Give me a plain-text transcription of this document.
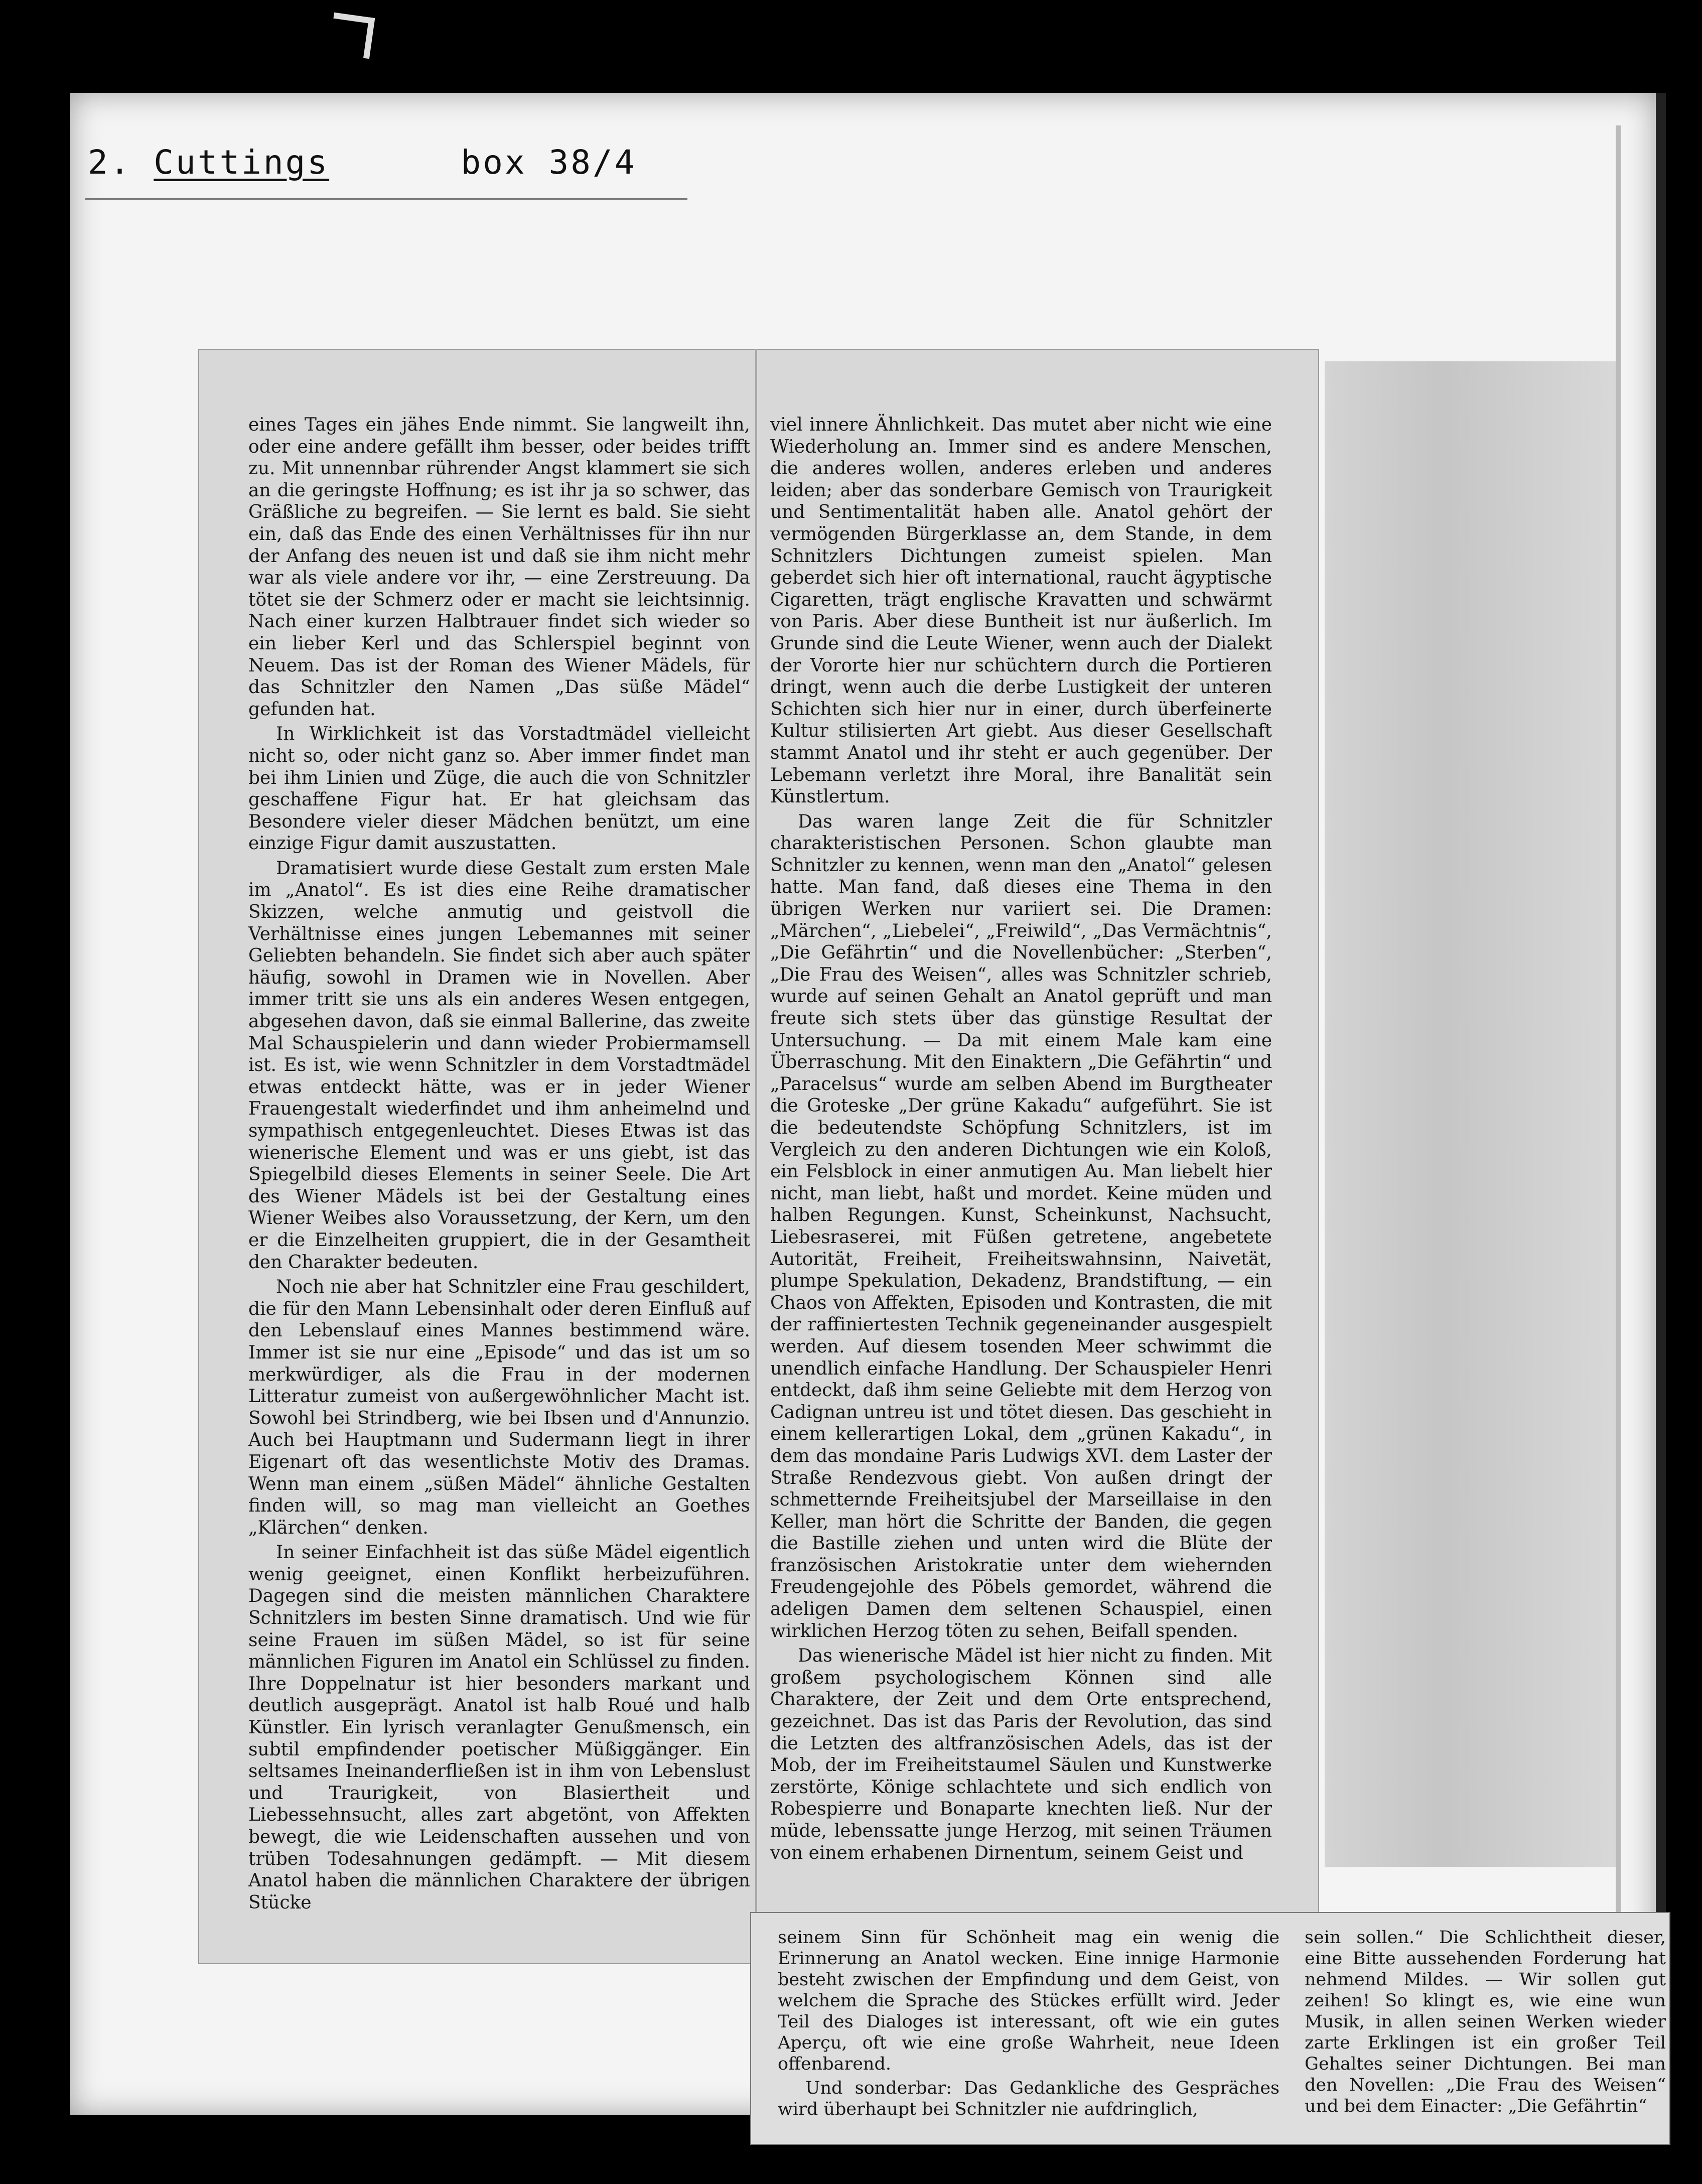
2. Cuttings	box 38/4

eines Tages ein jähes Ende nimmt. Sie langweilt ihn, oder eine andere gefällt ihm besser, oder beides trifft zu. Mit unnennbar rührender Angst klammert sie sich an die geringste Hoffnung; es ist ihr ja so schwer, das Gräßliche zu begreifen. — Sie lernt es bald. Sie sieht ein, daß das Ende des einen Verhältnisses für ihn nur der Anfang des neuen ist und daß sie ihm nicht mehr war als viele andere vor ihr, — eine Zerstreuung. Da tötet sie der Schmerz oder er macht sie leichtsinnig. Nach einer kurzen Halbtrauer findet sich wieder so ein lieber Kerl und das Schlerspiel beginnt von Neuem. Das ist der Roman des Wiener Mädels, für das Schnitzler den Namen „Das süße Mädel“ gefunden hat.

In Wirklichkeit ist das Vorstadtmädel vielleicht nicht so, oder nicht ganz so. Aber immer findet man bei ihm Linien und Züge, die auch die von Schnitzler geschaffene Figur hat. Er hat gleichsam das Besondere vieler dieser Mädchen benützt, um eine einzige Figur damit auszustatten.

Dramatisiert wurde diese Gestalt zum ersten Male im „Anatol“. Es ist dies eine Reihe dramatischer Skizzen, welche anmutig und geistvoll die Verhältnisse eines jungen Lebemannes mit seiner Geliebten behandeln. Sie findet sich aber auch später häufig, sowohl in Dramen wie in Novellen. Aber immer tritt sie uns als ein anderes Wesen entgegen, abgesehen davon, daß sie einmal Ballerine, das zweite Mal Schauspielerin und dann wieder Probiermamsell ist. Es ist, wie wenn Schnitzler in dem Vorstadtmädel etwas entdeckt hätte, was er in jeder Wiener Frauengestalt wiederfindet und ihm anheimelnd und sympathisch entgegenleuchtet. Dieses Etwas ist das wienerische Element und was er uns giebt, ist das Spiegelbild dieses Elements in seiner Seele. Die Art des Wiener Mädels ist bei der Gestaltung eines Wiener Weibes also Voraussetzung, der Kern, um den er die Einzelheiten gruppiert, die in der Gesamtheit den Charakter bedeuten.

Noch nie aber hat Schnitzler eine Frau geschildert, die für den Mann Lebensinhalt oder deren Einfluß auf den Lebenslauf eines Mannes bestimmend wäre. Immer ist sie nur eine „Episode“ und das ist um so merkwürdiger, als die Frau in der modernen Litteratur zumeist von außergewöhnlicher Macht ist. Sowohl bei Strindberg, wie bei Ibsen und d'Annunzio. Auch bei Hauptmann und Sudermann liegt in ihrer Eigenart oft das wesentlichste Motiv des Dramas. Wenn man einem „süßen Mädel“ ähnliche Gestalten finden will, so mag man vielleicht an Goethes „Klärchen“ denken.

In seiner Einfachheit ist das süße Mädel eigentlich wenig geeignet, einen Konflikt herbeizuführen. Dagegen sind die meisten männlichen Charaktere Schnitzlers im besten Sinne dramatisch. Und wie für seine Frauen im süßen Mädel, so ist für seine männlichen Figuren im Anatol ein Schlüssel zu finden. Ihre Doppelnatur ist hier besonders markant und deutlich ausgeprägt. Anatol ist halb Roué und halb Künstler. Ein lyrisch veranlagter Genußmensch, ein subtil empfindender poetischer Müßiggänger. Ein seltsames Ineinanderfließen ist in ihm von Lebenslust und Traurigkeit, von Blasiertheit und Liebessehnsucht, alles zart abgetönt, von Affekten bewegt, die wie Leidenschaften aussehen und von trüben Todesahnungen gedämpft. — Mit diesem Anatol haben die männlichen Charaktere der übrigen Stücke

viel innere Ähnlichkeit. Das mutet aber nicht wie eine Wiederholung an. Immer sind es andere Menschen, die anderes wollen, anderes erleben und anderes leiden; aber das sonderbare Gemisch von Traurigkeit und Sentimentalität haben alle. Anatol gehört der vermögenden Bürgerklasse an, dem Stande, in dem Schnitzlers Dichtungen zumeist spielen. Man geberdet sich hier oft international, raucht ägyptische Cigaretten, trägt englische Kravatten und schwärmt von Paris. Aber diese Buntheit ist nur äußerlich. Im Grunde sind die Leute Wiener, wenn auch der Dialekt der Vororte hier nur schüchtern durch die Portieren dringt, wenn auch die derbe Lustigkeit der unteren Schichten sich hier nur in einer, durch überfeinerte Kultur stilisierten Art giebt. Aus dieser Gesellschaft stammt Anatol und ihr steht er auch gegenüber. Der Lebemann verletzt ihre Moral, ihre Banalität sein Künstlertum.

Das waren lange Zeit die für Schnitzler charakteristischen Personen. Schon glaubte man Schnitzler zu kennen, wenn man den „Anatol“ gelesen hatte. Man fand, daß dieses eine Thema in den übrigen Werken nur variiert sei. Die Dramen: „Märchen“, „Liebelei“, „Freiwild“, „Das Vermächtnis“, „Die Gefährtin“ und die Novellenbücher: „Sterben“, „Die Frau des Weisen“, alles was Schnitzler schrieb, wurde auf seinen Gehalt an Anatol geprüft und man freute sich stets über das günstige Resultat der Untersuchung. — Da mit einem Male kam eine Überraschung. Mit den Einaktern „Die Gefährtin“ und „Paracelsus“ wurde am selben Abend im Burgtheater die Groteske „Der grüne Kakadu“ aufgeführt. Sie ist die bedeutendste Schöpfung Schnitzlers, ist im Vergleich zu den anderen Dichtungen wie ein Koloß, ein Felsblock in einer anmutigen Au. Man liebelt hier nicht, man liebt, haßt und mordet. Keine müden und halben Regungen. Kunst, Scheinkunst, Nachsucht, Liebesraserei, mit Füßen getretene, angebetete Autorität, Freiheit, Freiheitswahnsinn, Naivetät, plumpe Spekulation, Dekadenz, Brandstiftung, — ein Chaos von Affekten, Episoden und Kontrasten, die mit der raffiniertesten Technik gegeneinander ausgespielt werden. Auf diesem tosenden Meer schwimmt die unendlich einfache Handlung. Der Schauspieler Henri entdeckt, daß ihm seine Geliebte mit dem Herzog von Cadignan untreu ist und tötet diesen. Das geschieht in einem kellerartigen Lokal, dem „grünen Kakadu“, in dem das mondaine Paris Ludwigs XVI. dem Laster der Straße Rendezvous giebt. Von außen dringt der schmetternde Freiheitsjubel der Marseillaise in den Keller, man hört die Schritte der Banden, die gegen die Bastille ziehen und unten wird die Blüte der französischen Aristokratie unter dem wiehernden Freudengejohle des Pöbels gemordet, während die adeligen Damen dem seltenen Schauspiel, einen wirklichen Herzog töten zu sehen, Beifall spenden.

Das wienerische Mädel ist hier nicht zu finden. Mit großem psychologischem Können sind alle Charaktere, der Zeit und dem Orte entsprechend, gezeichnet. Das ist das Paris der Revolution, das sind die Letzten des altfranzösischen Adels, das ist der Mob, der im Freiheitstaumel Säulen und Kunstwerke zerstörte, Könige schlachtete und sich endlich von Robespierre und Bonaparte knechten ließ. Nur der müde, lebenssatte junge Herzog, mit seinen Träumen von einem erhabenen Dirnentum, seinem Geist und

seinem Sinn für Schönheit mag ein wenig die Erinnerung an Anatol wecken. Eine innige Harmonie besteht zwischen der Empfindung und dem Geist, von welchem die Sprache des Stückes erfüllt wird. Jeder Teil des Dialoges ist interessant, oft wie ein gutes Aperçu, oft wie eine große Wahrheit, neue Ideen offenbarend.

Und sonderbar: Das Gedankliche des Gespräches wird überhaupt bei Schnitzler nie aufdringlich,

sein sollen.“ Die Schlichtheit dieser, eine Bitte aussehenden Forderung hat nehmend Mildes. — Wir sollen gut zeihen! So klingt es, wie eine wun Musik, in allen seinen Werken wieder zarte Erklingen ist ein großer Teil Gehaltes seiner Dichtungen. Bei man den Novellen: „Die Frau des Weisen“ und bei dem Einacter: „Die Gefährtin“
